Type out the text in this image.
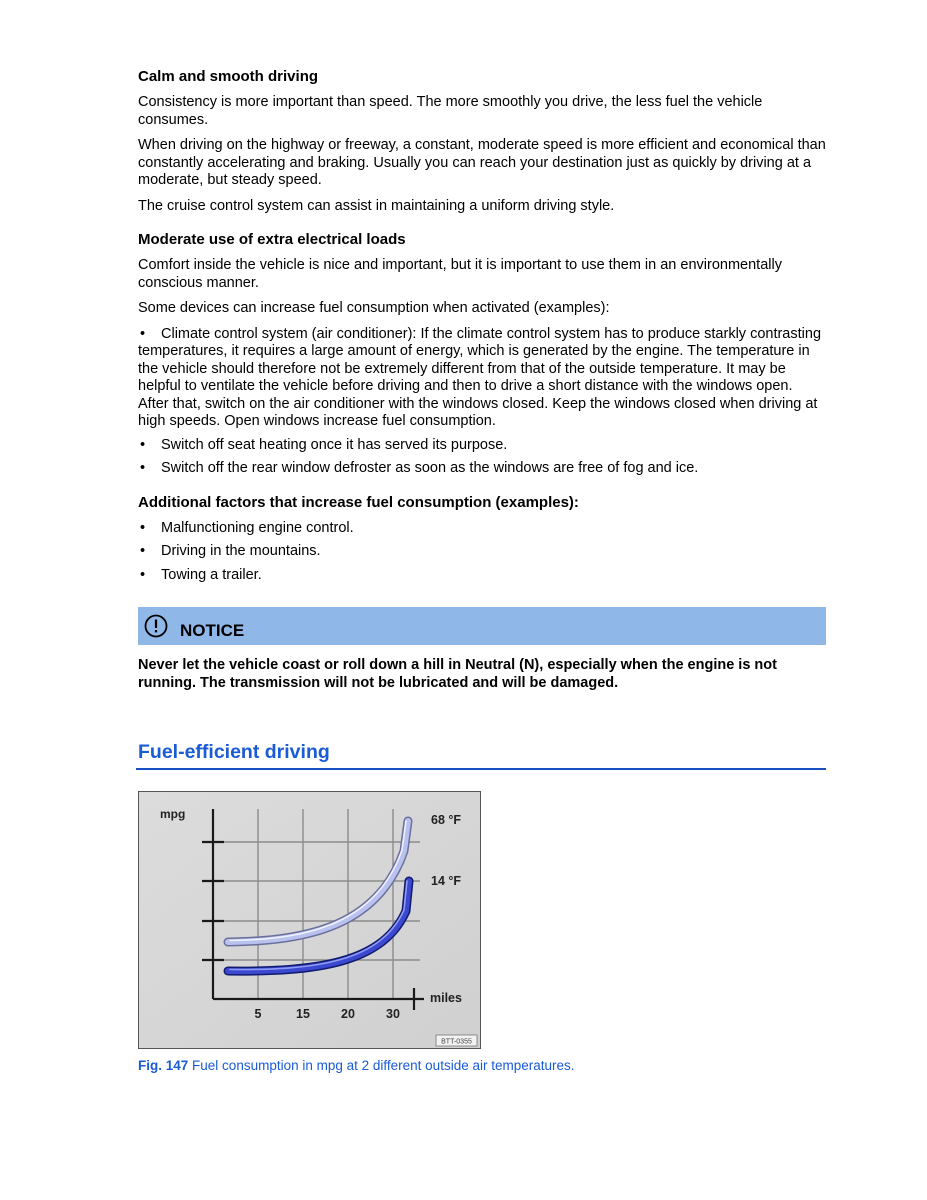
Calm and smooth driving

Consistency is more important than speed. The more smoothly you drive, the less fuel the vehicle consumes.

When driving on the highway or freeway, a constant, moderate speed is more efficient and economical than constantly accelerating and braking. Usually you can reach your destination just as quickly by driving at a moderate, but steady speed.

The cruise control system can assist in maintaining a uniform driving style.

Moderate use of extra electrical loads

Comfort inside the vehicle is nice and important, but it is important to use them in an environmentally conscious manner.

Some devices can increase fuel consumption when activated (examples):

• Climate control system (air conditioner): If the climate control system has to produce starkly contrasting temperatures, it requires a large amount of energy, which is generated by the engine. The temperature in the vehicle should therefore not be extremely different from that of the outside temperature. It may be helpful to ventilate the vehicle before driving and then to drive a short distance with the windows open. After that, switch on the air conditioner with the windows closed. Keep the windows closed when driving at high speeds. Open windows increase fuel consumption.
• Switch off seat heating once it has served its purpose.
• Switch off the rear window defroster as soon as the windows are free of fog and ice.
Additional factors that increase fuel consumption (examples):
• Malfunctioning engine control.
• Driving in the mountains.
• Towing a trailer.
NOTICE
Never let the vehicle coast or roll down a hill in Neutral (N), especially when the engine is not running. The transmission will not be lubricated and will be damaged.
Fuel-efficient driving
mpg	68 °F
14 °F
miles
5	15 20 30
BTT-0355
Fig. 147 Fuel consumption in mpg at 2 different outside air temperatures.
